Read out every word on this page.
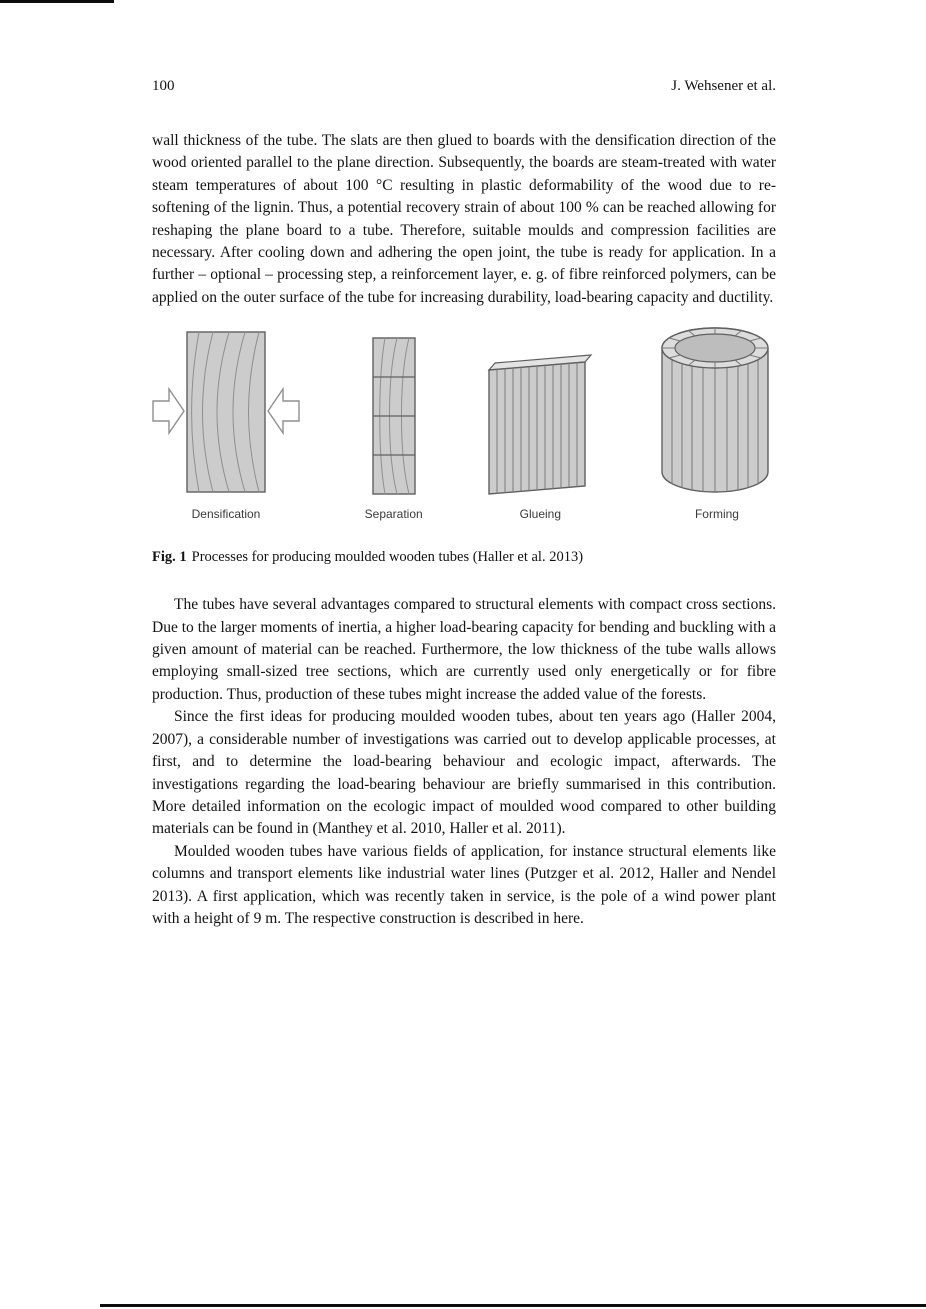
100	J. Wehsener et al.

wall thickness of the tube. The slats are then glued to boards with the densification direction of the wood oriented parallel to the plane direction. Subsequently, the boards are steam-treated with water steam temperatures of about 100 °C resulting in plastic deformability of the wood due to re-softening of the lignin. Thus, a potential recovery strain of about 100 % can be reached allowing for reshaping the plane board to a tube. Therefore, suitable moulds and compression facilities are necessary. After cooling down and adhering the open joint, the tube is ready for application. In a further – optional – processing step, a reinforcement layer, e. g. of fibre reinforced polymers, can be applied on the outer surface of the tube for increasing durability, load-bearing capacity and ductility.

Densification	Separation	Glueing	Forming
Fig. 1 Processes for producing moulded wooden tubes (Haller et al. 2013)

The tubes have several advantages compared to structural elements with compact cross sections. Due to the larger moments of inertia, a higher load-bearing capacity for bending and buckling with a given amount of material can be reached. Furthermore, the low thickness of the tube walls allows employing small-sized tree sections, which are currently used only energetically or for fibre production. Thus, production of these tubes might increase the added value of the forests.

Since the first ideas for producing moulded wooden tubes, about ten years ago (Haller 2004, 2007), a considerable number of investigations was carried out to develop applicable processes, at first, and to determine the load-bearing behaviour and ecologic impact, afterwards. The investigations regarding the load-bearing behaviour are briefly summarised in this contribution. More detailed information on the ecologic impact of moulded wood compared to other building materials can be found in (Manthey et al. 2010, Haller et al. 2011).

Moulded wooden tubes have various fields of application, for instance structural elements like columns and transport elements like industrial water lines (Putzger et al. 2012, Haller and Nendel 2013). A first application, which was recently taken in service, is the pole of a wind power plant with a height of 9 m. The respective construction is described in here.
